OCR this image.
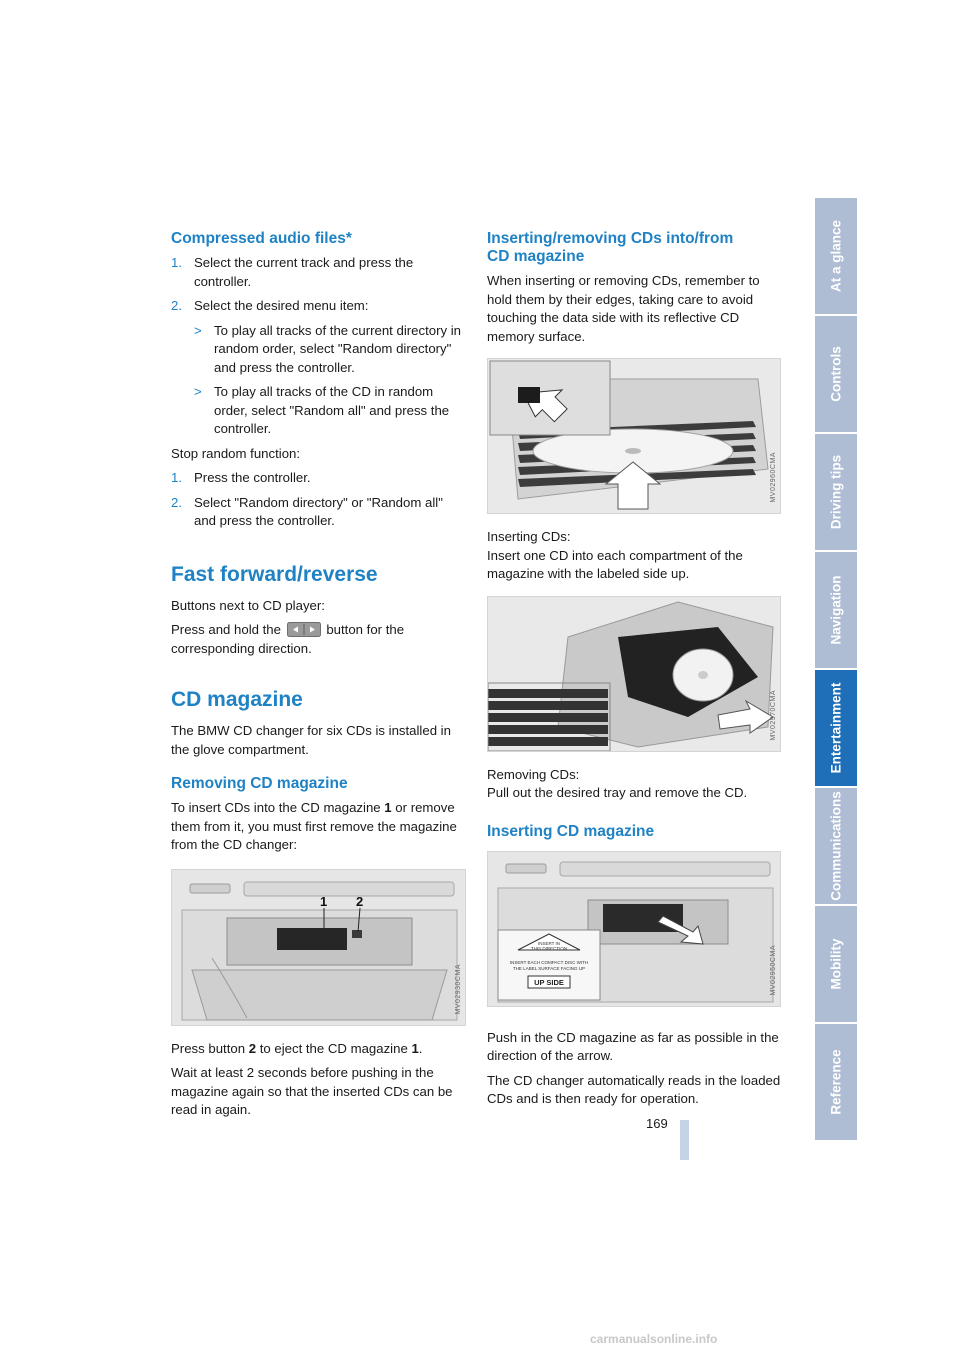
Compressed audio files*
1. Select the current track and press the controller.
2. Select the desired menu item:
> To play all tracks of the current directory in random order, select "Random directory" and press the controller.
> To play all tracks of the CD in random order, select "Random all" and press the controller.

Stop random function:

1. Press the controller.
2. Select "Random directory" or "Random all" and press the controller.
Fast forward/reverse

Buttons next to CD player:

Press and hold the	button for the corresponding direction.

CD magazine

The BMW CD changer for six CDs is installed in the glove compartment.

Removing CD magazine

To insert CDs into the CD magazine 1 or remove them from it, you must first remove the magazine from the CD changer:

1 2
MV02930CMA

Press button 2 to eject the CD magazine 1.

Wait at least 2 seconds before pushing in the magazine again so that the inserted CDs can be read in again.

Inserting/removing CDs into/from
CD magazine

When inserting or removing CDs, remember to hold them by their edges, taking care to avoid touching the data side with its reflective CD memory surface.

MV02960CMA

Inserting CDs:

Insert one CD into each compartment of the magazine with the labeled side up.

MV02970CMA

Removing CDs:

Pull out the desired tray and remove the CD.

Inserting CD magazine
INSERT IN
THIS DIRECTION
INSERT EACH COMPACT DISC WITH
THE LABEL SURFACE FACING UP
UP SIDE	MV02950CMA

Push in the CD magazine as far as possible in the direction of the arrow.

The CD changer automatically reads in the loaded CDs and is then ready for operation.

At a glance
Controls
Driving tips
Navigation
Entertainment
Communications
Mobility
Reference
169
carmanualsonline.info
